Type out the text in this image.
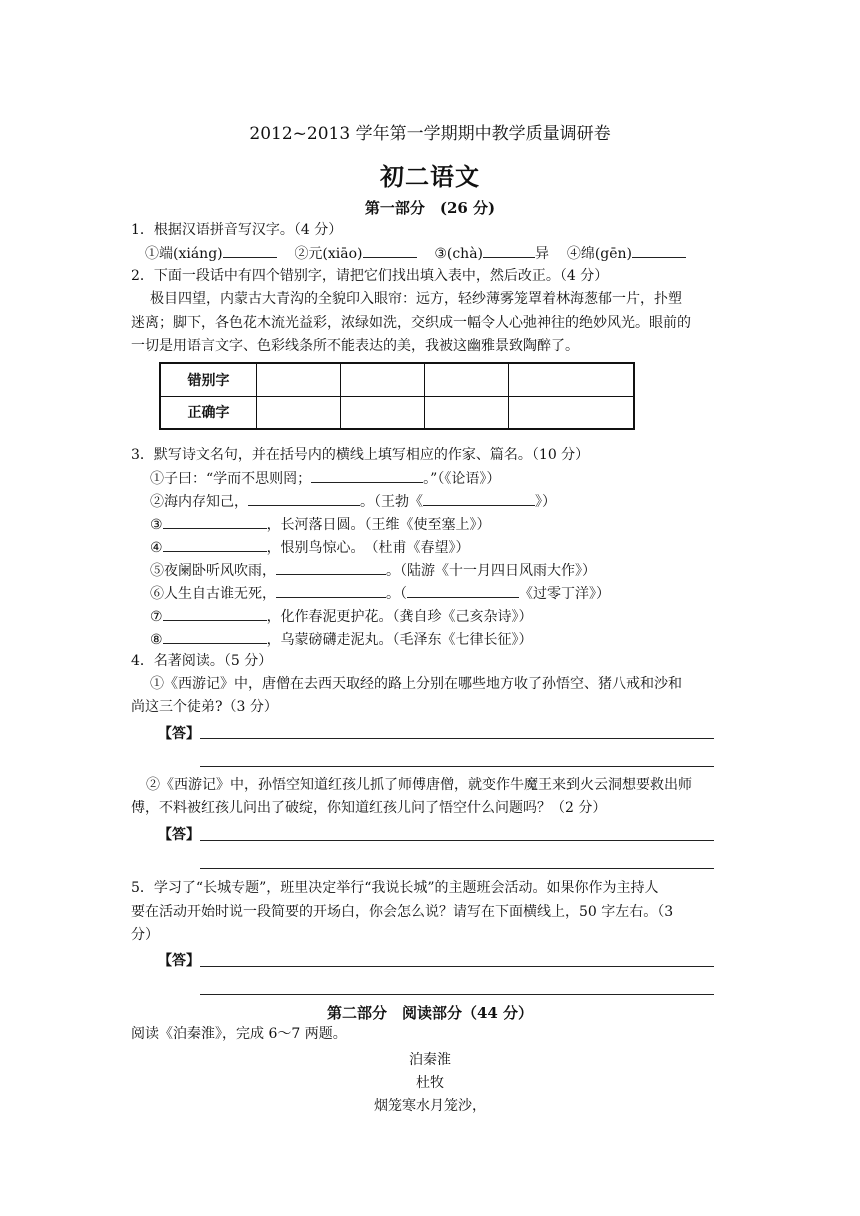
2012~2013 学年第一学期期中教学质量调研卷
初二语文
第一部分　(26 分)
1．根据汉语拼音写汉字。（4 分）
①端(xiáng)	②元(xiāo)	③(chà)	异 ④绵(gēn)
2．下面一段话中有四个错别字，请把它们找出填入表中，然后改正。（4 分）
极目四望，内蒙古大青沟的全貌印入眼帘：远方，轻纱薄雾笼罩着林海葱郁一片，扑塑
迷离；脚下，各色花木流光益彩，浓绿如洗，交织成一幅令人心弛神往的绝妙风光。眼前的
一切是用语言文字、色彩线条所不能表达的美，我被这幽雅景致陶醉了。
错别字				
正确字				
3．默写诗文名句，并在括号内的横线上填写相应的作家、篇名。（10 分）
①子曰：“学而不思则罔；	。”（《论语》）
②海内存知己，	。（王勃《	》）
③	，长河落日圆。（王维《使至塞上》）
④	，恨别鸟惊心。　（杜甫《春望》）
⑤夜阑卧听风吹雨，	。（陆游《十一月四日风雨大作》）
⑥人生自古谁无死，	。（	《过零丁洋》）
⑦	，化作春泥更护花。（龚自珍《己亥杂诗》）
⑧	，乌蒙磅礴走泥丸。（毛泽东《七律长征》）
4．名著阅读。（5 分）
①《西游记》中，唐僧在去西天取经的路上分别在哪些地方收了孙悟空、猪八戒和沙和
尚这三个徒弟?（3 分）
【答】
②《西游记》中，孙悟空知道红孩儿抓了师傅唐僧，就变作牛魔王来到火云洞想要救出师
傅，不料被红孩儿问出了破绽，你知道红孩儿问了悟空什么问题吗？（2 分）
【答】
5．学习了“长城专题”，班里决定举行“我说长城”的主题班会活动。如果你作为主持人
要在活动开始时说一段简要的开场白，你会怎么说？请写在下面横线上，50 字左右。（3
分）
【答】
第二部分　阅读部分（44 分）
阅读《泊秦淮》，完成 6～7 两题。
泊秦淮
杜牧
烟笼寒水月笼沙，
